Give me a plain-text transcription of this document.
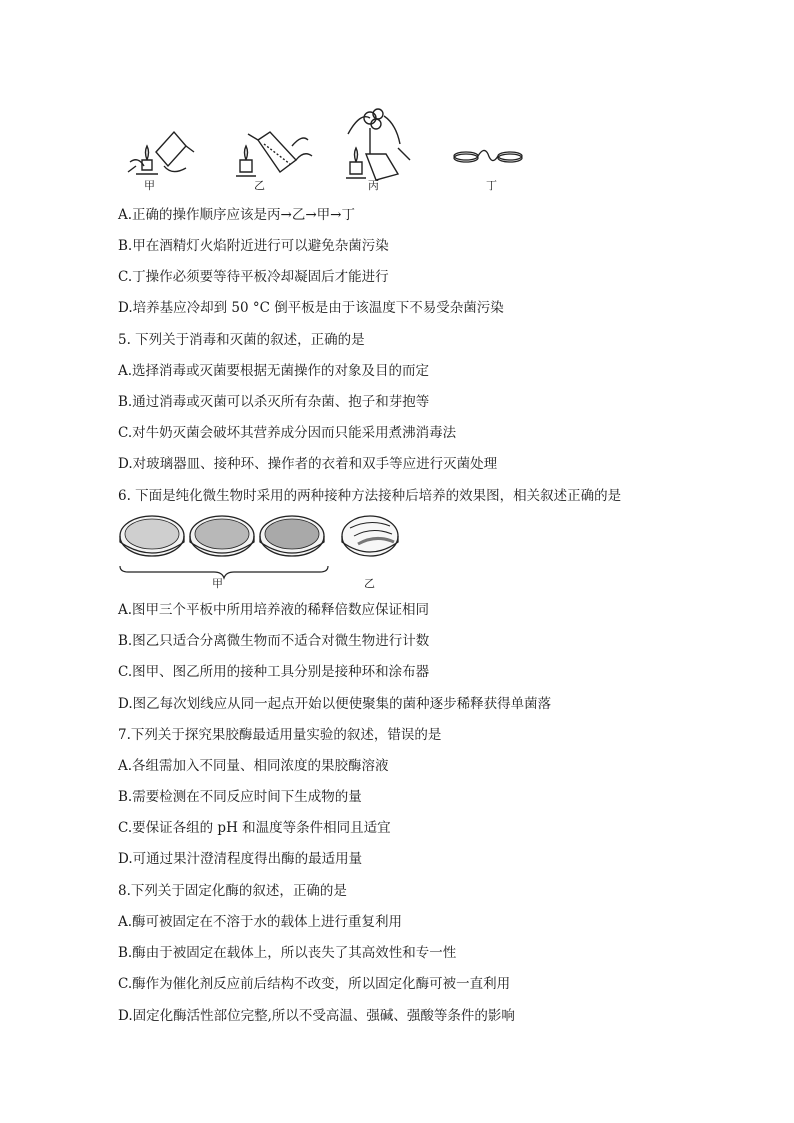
甲	乙	丙	丁
A.正确的操作顺序应该是丙→乙→甲→丁
B.甲在酒精灯火焰附近进行可以避免杂菌污染
C.丁操作必须要等待平板冷却凝固后才能进行
D.培养基应冷却到 50 °C 倒平板是由于该温度下不易受杂菌污染
5. 下列关于消毒和灭菌的叙述，正确的是
A.选择消毒或灭菌要根据无菌操作的对象及目的而定
B.通过消毒或灭菌可以杀灭所有杂菌、抱子和芽抱等
C.对牛奶灭菌会破坏其营养成分因而只能采用煮沸消毒法
D.对玻璃器皿、接种环、操作者的衣着和双手等应进行灭菌处理
6. 下面是纯化微生物时采用的两种接种方法接种后培养的效果图，相关叙述正确的是
甲	乙
A.图甲三个平板中所用培养液的稀释倍数应保证相同
B.图乙只适合分离微生物而不适合对微生物进行计数
C.图甲、图乙所用的接种工具分别是接种环和涂布器
D.图乙每次划线应从同一起点开始以便使聚集的菌种逐步稀释获得单菌落
7.下列关于探究果胶酶最适用量实验的叙述，错误的是
A.各组需加入不同量、相同浓度的果胶酶溶液
B.需要检测在不同反应时间下生成物的量
C.要保证各组的 pH 和温度等条件相同且适宜
D.可通过果汁澄清程度得出酶的最适用量
8.下列关于固定化酶的叙述，正确的是
A.酶可被固定在不溶于水的载体上进行重复利用
B.酶由于被固定在载体上，所以丧失了其高效性和专一性
C.酶作为催化剂反应前后结构不改变，所以固定化酶可被一直利用
D.固定化酶活性部位完整,所以不受高温、强碱、强酸等条件的影响
